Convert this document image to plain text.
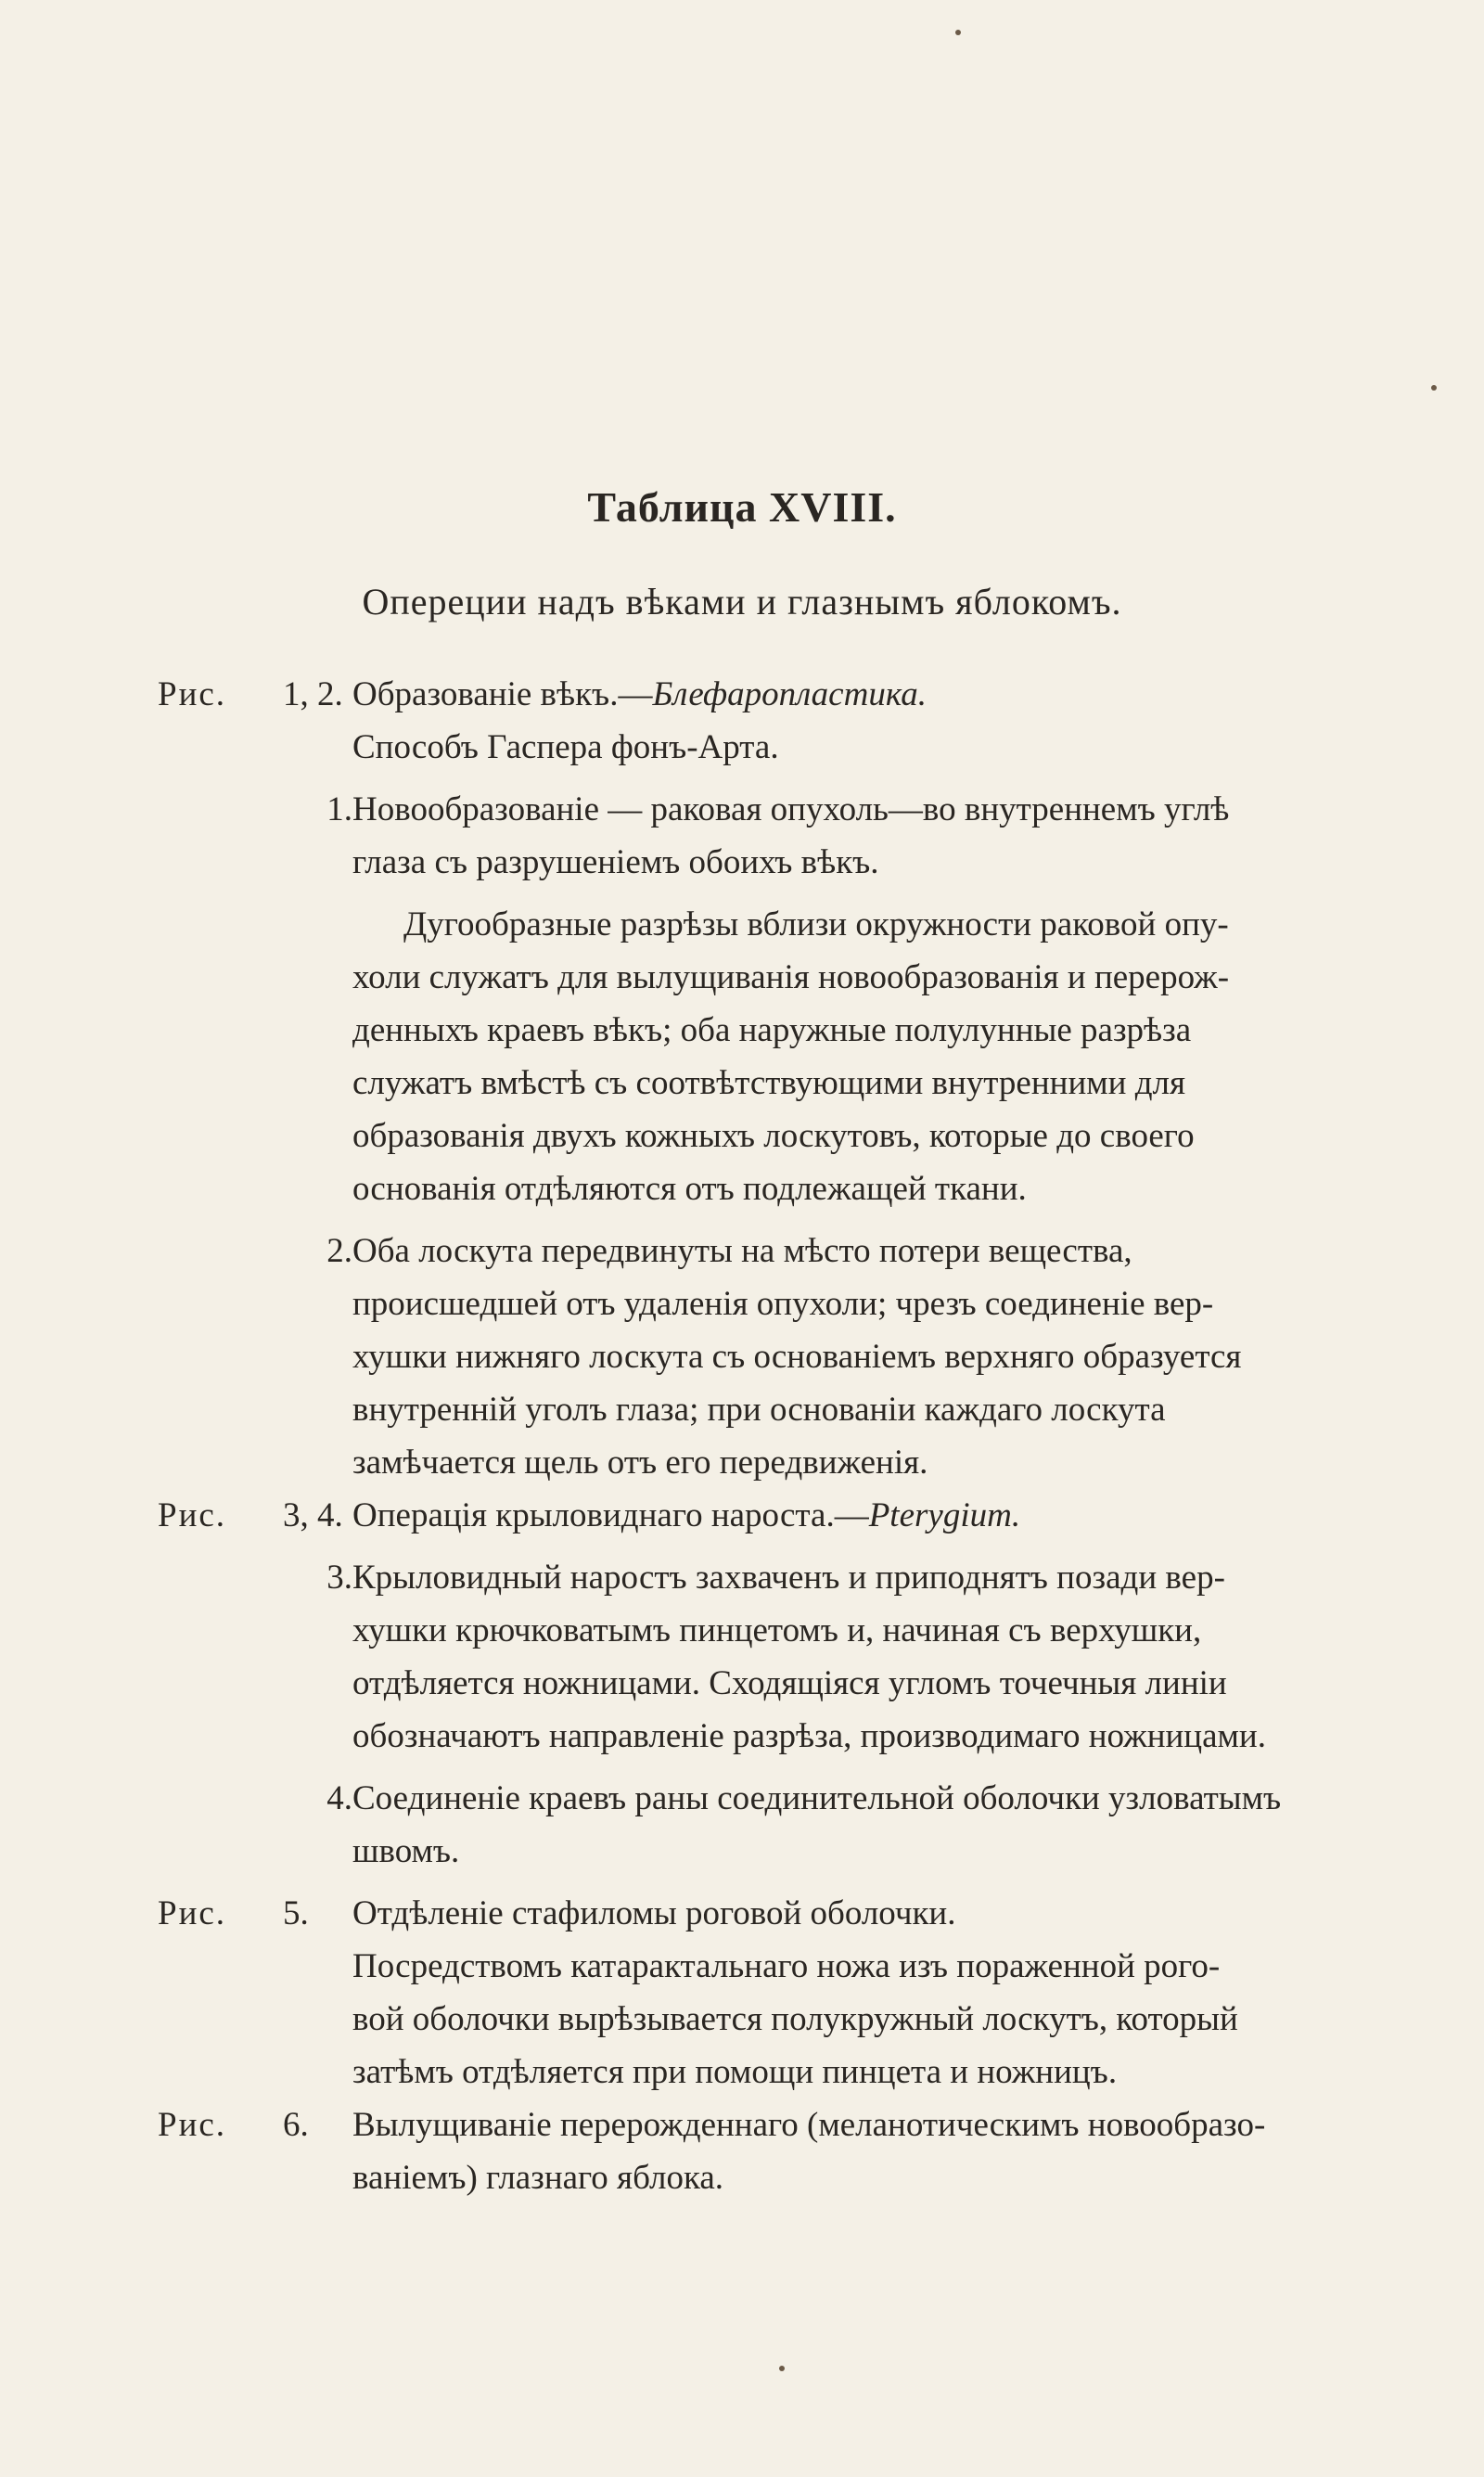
Таблица XVIII.
Опереции надъ вѣками и глазнымъ яблокомъ.
Рис.	1, 2. Образованіе вѣкъ.—Блефаропластика.
Способъ Гаспера фонъ-Арта.
1. Новообразованіе — раковая опухоль—во внутреннемъ углѣ
глаза съ разрушеніемъ обоихъ вѣкъ.
Дугообразные разрѣзы вблизи окружности раковой опу-
холи служатъ для вылущиванія новообразованія и перерож-
денныхъ краевъ вѣкъ; оба наружные полулунные разрѣза
служатъ вмѣстѣ съ соотвѣтствующими внутренними для
образованія двухъ кожныхъ лоскутовъ, которые до своего
основанія отдѣляются отъ подлежащей ткани.
2. Оба лоскута передвинуты на мѣсто потери вещества,
происшедшей отъ удаленія опухоли; чрезъ соединеніе вер-
хушки нижняго лоскута съ основаніемъ верхняго образуется
внутренній уголъ глаза; при основаніи каждаго лоскута
замѣчается щель отъ его передвиженія.
Рис.	3, 4. Операція крыловиднаго нароста.—Pterygium.
3. Крыловидный наростъ захваченъ и приподнятъ позади вер-
хушки крючковатымъ пинцетомъ и, начиная съ верхушки,
отдѣляется ножницами. Сходящіяся угломъ точечныя линіи
обозначаютъ направленіе разрѣза, производимаго ножницами.
4. Соединеніе краевъ раны соединительной оболочки узловатымъ
швомъ.
Рис.	5.	Отдѣленіе стафиломы роговой оболочки.
Посредствомъ катарактальнаго ножа изъ пораженной рого-
вой оболочки вырѣзывается полукружный лоскутъ, который
затѣмъ отдѣляется при помощи пинцета и ножницъ.
Рис.	6.	Вылущиваніе перерожденнаго (меланотическимъ новообразо-
ваніемъ) глазнаго яблока.
